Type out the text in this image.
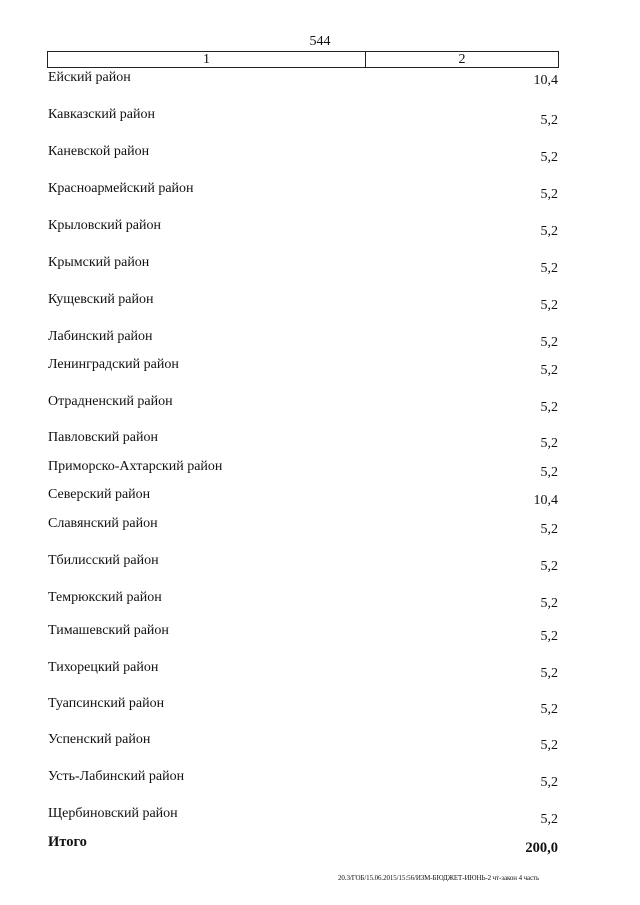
544
1	2
Ейский район	10,4
Кавказский район	5,2
Каневской район	5,2
Красноармейский район	5,2
Крыловский район	5,2
Крымский район	5,2
Кущевский район	5,2
Лабинский район	5,2
Ленинградский район	5,2
Отрадненский район	5,2
Павловский район	5,2
Приморско-Ахтарский район	5,2
Северский район	10,4
Славянский район	5,2
Тбилисский район	5,2
Темрюкский район	5,2
Тимашевский район	5,2
Тихорецкий район	5,2
Туапсинский район	5,2
Успенский район	5,2
Усть-Лабинский район	5,2
Щербиновский район	5,2
Итого	200,0
20.3/ГОБ/15.06.2015/15:56/ИЗМ-БЮДЖЕТ-ИЮНЬ-2 чт-закон 4 часть
